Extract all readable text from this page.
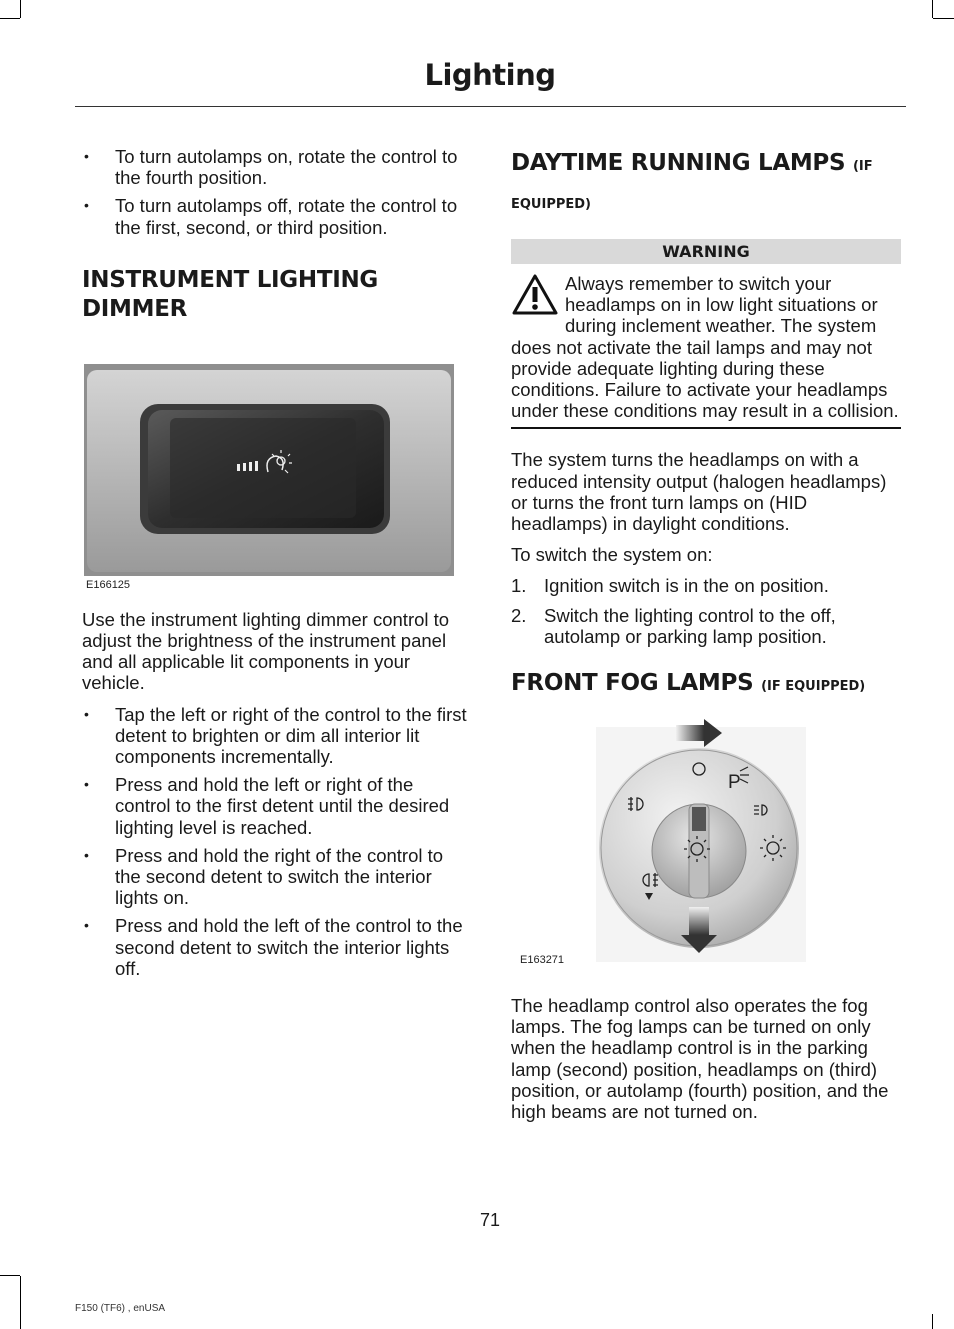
Lighting
• To turn autolamps on, rotate the control to the fourth position.
• To turn autolamps off, rotate the control to the first, second, or third position.
INSTRUMENT LIGHTING DIMMER
E166125

Use the instrument lighting dimmer control to adjust the brightness of the instrument panel and all applicable lit components in your vehicle.

• Tap the left or right of the control to the first detent to brighten or dim all interior lit components incrementally.
• Press and hold the left or right of the control to the first detent until the desired lighting level is reached.
• Press and hold the right of the control to the second detent to switch the interior lights on.
• Press and hold the left of the control to the second detent to switch the interior lights off.
DAYTIME RUNNING LAMPS (IF EQUIPPED)
WARNING

Always remember to switch your headlamps on in low light situations or during inclement weather. The system does not activate the tail lamps and may not provide adequate lighting during these conditions. Failure to activate your headlamps under these conditions may result in a collision.

The system turns the headlamps on with a reduced intensity output (halogen headlamps) or turns the front turn lamps on (HID headlamps) in daylight conditions.

To switch the system on:

1. Ignition switch is in the on position.
2. Switch the lighting control to the off, autolamp or parking lamp position.
FRONT FOG LAMPS (IF EQUIPPED)
P
E163271

The headlamp control also operates the fog lamps. The fog lamps can be turned on only when the headlamp control is in the parking lamp (second) position, headlamps on (third) position, or autolamp (fourth) position, and the high beams are not turned on.

71
F150 (TF6) , enUSA
